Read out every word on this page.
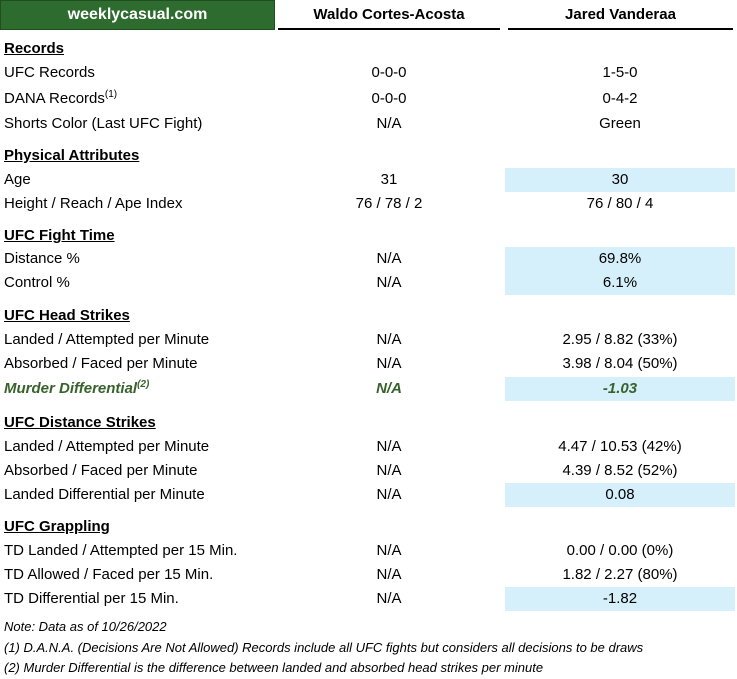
weeklycasual.com	Waldo Cortes-Acosta	Jared Vanderaa
Records
UFC Records	0-0-0	1-5-0
DANA Records$^{(1)}$	0-0-0	0-4-2
Shorts Color (Last UFC Fight)	N/A	Green
Physical Attributes
Age	31	30
Height / Reach / Ape Index	76 / 78 / 2	76 / 80 / 4
UFC Fight Time
Distance %	N/A	69.8%
Control %	N/A	6.1%
UFC Head Strikes
Landed / Attempted per Minute	N/A	2.95 / 8.82 (33%)
Absorbed / Faced per Minute	N/A	3.98 / 8.04 (50%)
Murder Differential$^{(2)}$	N/A	-1.03
UFC Distance Strikes
Landed / Attempted per Minute	N/A	4.47 / 10.53 (42%)
Absorbed / Faced per Minute	N/A	4.39 / 8.52 (52%)
Landed Differential per Minute	N/A	0.08
UFC Grappling
TD Landed / Attempted per 15 Min.	N/A	0.00 / 0.00 (0%)
TD Allowed / Faced per 15 Min.	N/A	1.82 / 2.27 (80%)
TD Differential per 15 Min.	N/A	-1.82
Note: Data as of 10/26/2022
(1) D.A.N.A. (Decisions Are Not Allowed) Records include all UFC fights but considers all decisions to be draws
(2) Murder Differential is the difference between landed and absorbed head strikes per minute
